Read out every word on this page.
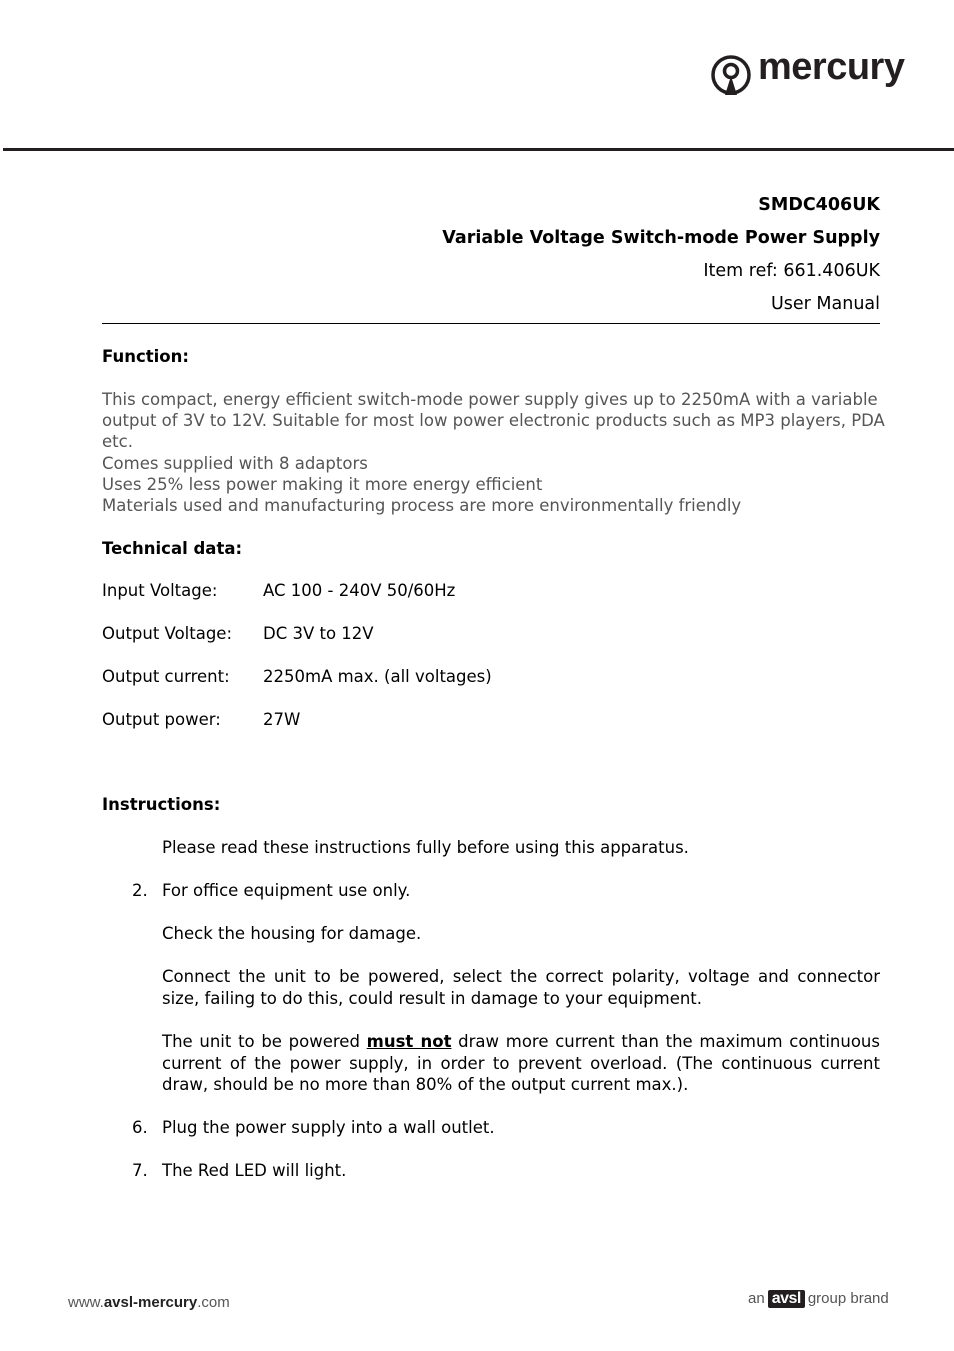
mercury
SMDC406UK
Variable Voltage Switch-mode Power Supply
Item ref: 661.406UK
User Manual
Function:
This compact, energy efficient switch-mode power supply gives up to 2250mA with a variable
output of 3V to 12V. Suitable for most low power electronic products such as MP3 players, PDA etc.
Comes supplied with 8 adaptors
Uses 25% less power making it more energy efficient
Materials used and manufacturing process are more environmentally friendly
Technical data:
Input Voltage:	AC 100 - 240V 50/60Hz
Output Voltage: DC 3V to 12V
Output current: 2250mA max. (all voltages)
Output power:	27W
Instructions:
Please read these instructions fully before using this apparatus.
2. For office equipment use only.
Check the housing for damage.
Connect the unit to be powered, select the correct polarity, voltage and connector size, failing to do this, could result in damage to your equipment.
The unit to be powered must not draw more current than the maximum continuous current of the power supply, in order to prevent overload. (The continuous current draw, should be no more than 80% of the output current max.).
6. Plug the power supply into a wall outlet.
7. The Red LED will light.
www.avsl-mercury.com	an avsl group brand
